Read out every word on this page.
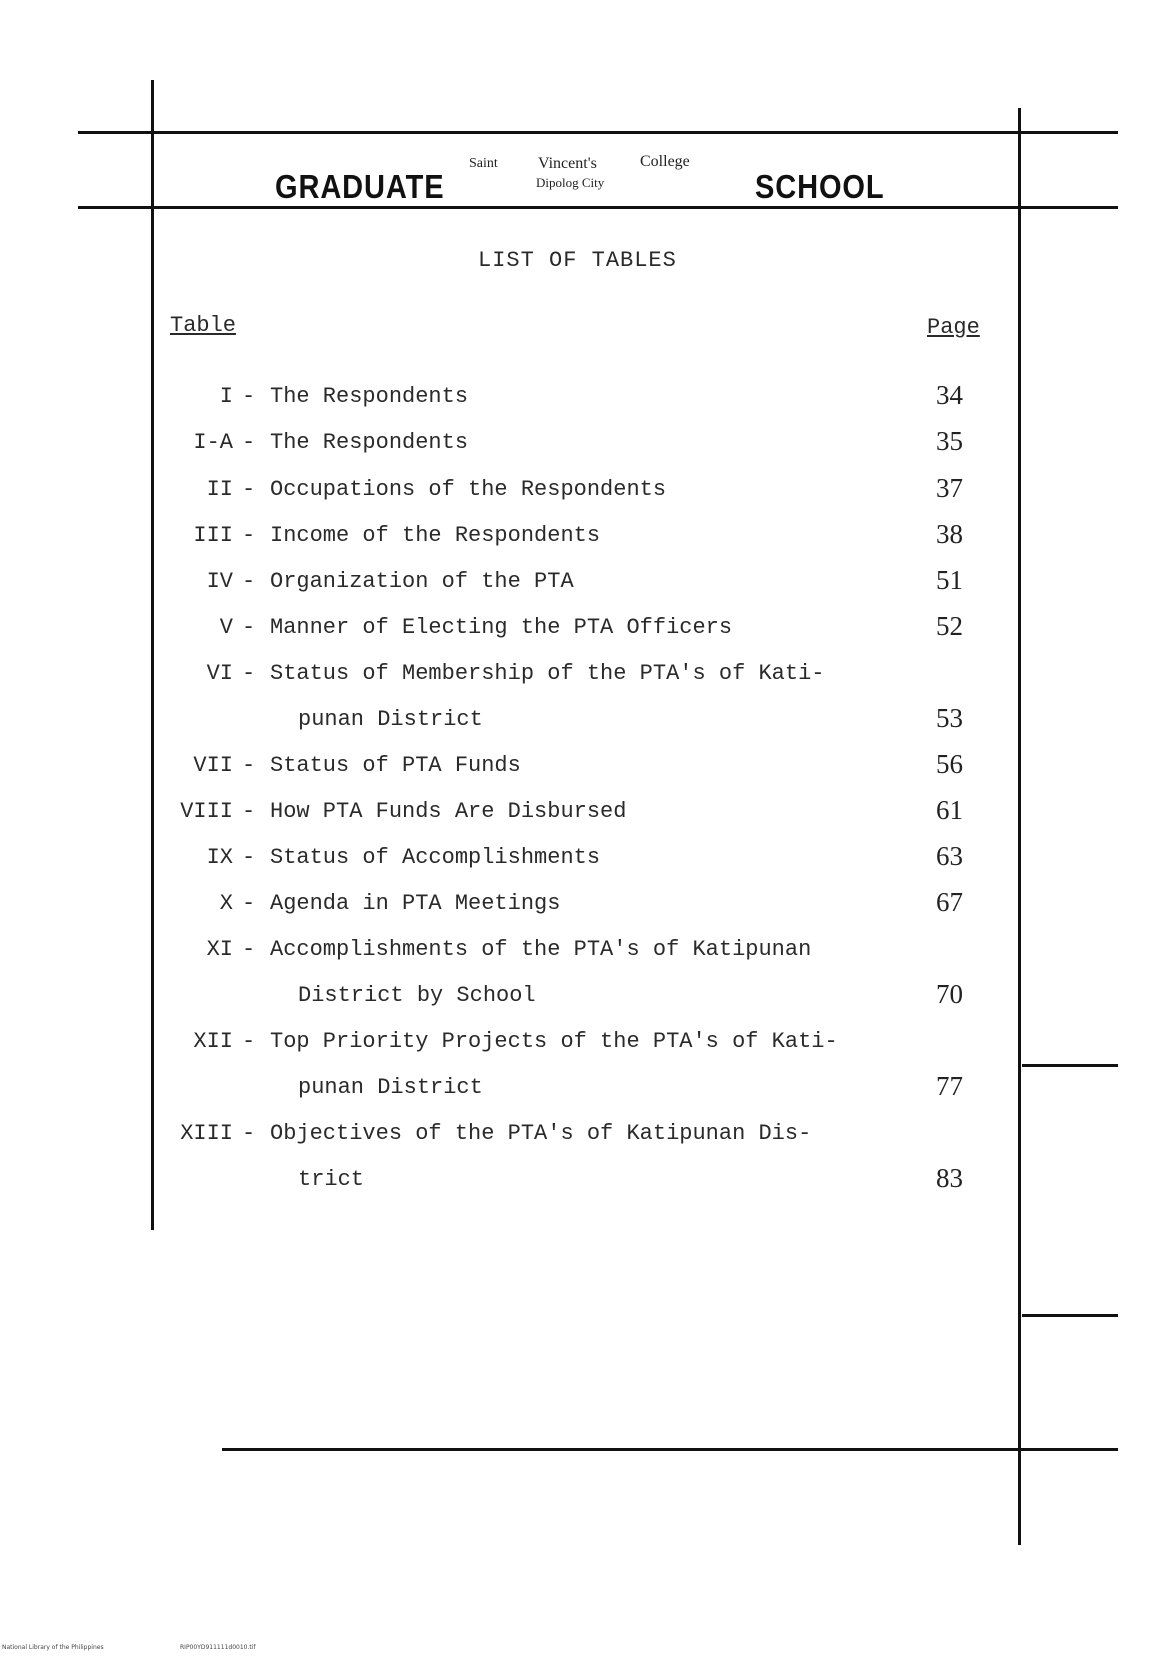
GRADUATE	SCHOOL
Saint	Vincent's	College
Dipolog City
LIST OF TABLES
Table	Page
I - The Respondents	34
I-A - The Respondents	35
II - Occupations of the Respondents	37
III - Income of the Respondents	38
IV - Organization of the PTA	51
V - Manner of Electing the PTA Officers	52
VI - Status of Membership of the PTA's of Kati-
punan District	53
VII - Status of PTA Funds	56
VIII - How PTA Funds Are Disbursed	61
IX - Status of Accomplishments	63
X - Agenda in PTA Meetings	67
XI - Accomplishments of the PTA's of Katipunan
District by School	70
XII - Top Priority Projects of the PTA's of Kati-
punan District	77
XIII - Objectives of the PTA's of Katipunan Dis-
trict	83
National Library of the Philippines	RIP00YD911111d0010.tif
